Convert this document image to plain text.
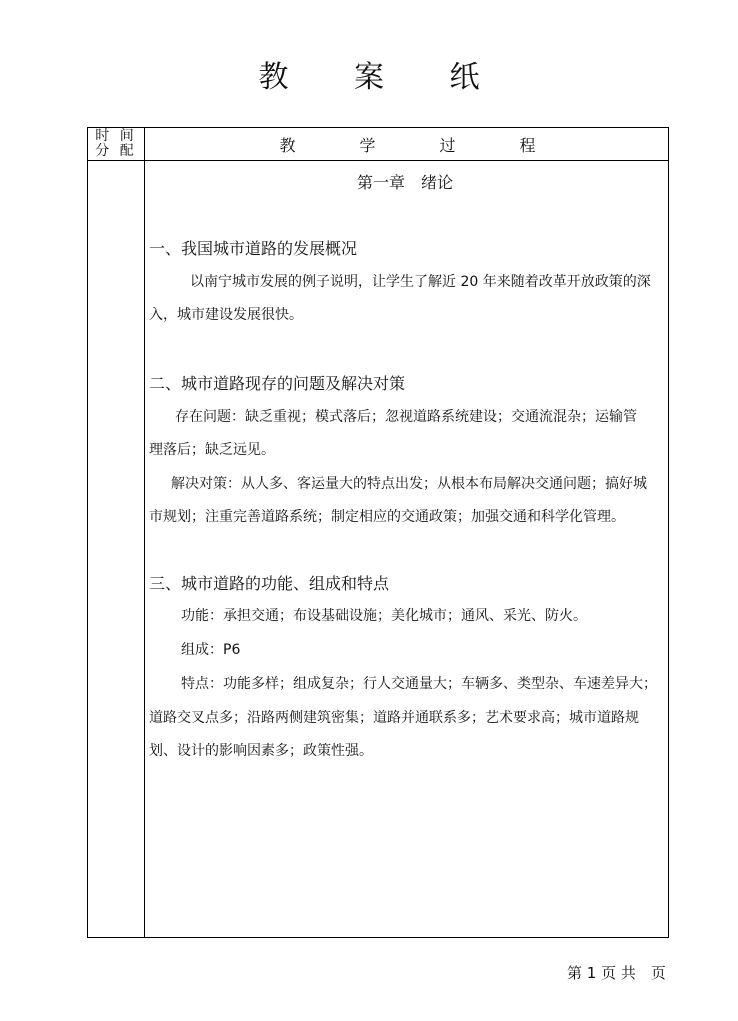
教 案 纸
时 间
分 配	教	学	过	程
第一章　绪论
一、我国城市道路的发展概况
以南宁城市发展的例子说明，让学生了解近 20 年来随着改革开放政策的深
入，城市建设发展很快。
二、城市道路现存的问题及解决对策
存在问题：缺乏重视；模式落后；忽视道路系统建设；交通流混杂；运输管
理落后；缺乏远见。
解决对策：从人多、客运量大的特点出发；从根本布局解决交通问题；搞好城
市规划；注重完善道路系统；制定相应的交通政策；加强交通和科学化管理。
三、城市道路的功能、组成和特点
功能：承担交通；布设基础设施；美化城市；通风、采光、防火。
组成：P6
特点：功能多样；组成复杂；行人交通量大；车辆多、类型杂、车速差异大；
道路交叉点多；沿路两侧建筑密集；道路并通联系多；艺术要求高；城市道路规
划、设计的影响因素多；政策性强。
第 1 页 共　页
